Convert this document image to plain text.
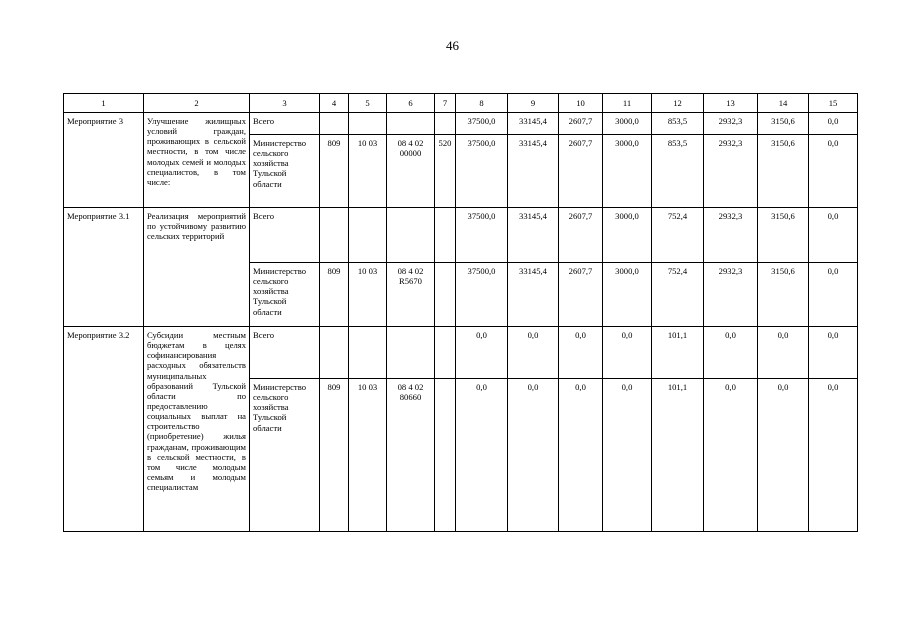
46
1	2	3	4	5	6	7	8	9	10	11	12	13	14	15
Мероприятие 3	Улучшение жилищных условий граждан, проживающих в сельской местности, в том числе молодых семей и молодых специалистов, в том числе:	Всего					37500,0	33145,4	2607,7	3000,0	853,5	2932,3	3150,6	0,0
		Министерство сельского хозяйства Тульской области	809	10 03	08 4 02 00000	520	37500,0	33145,4	2607,7	3000,0	853,5	2932,3	3150,6	0,0
Мероприятие 3.1	Реализация мероприятий по устойчивому развитию сельских территорий	Всего					37500,0	33145,4	2607,7	3000,0	752,4	2932,3	3150,6	0,0
		Министерство сельского хозяйства Тульской области	809	10 03	08 4 02 R5670		37500,0	33145,4	2607,7	3000,0	752,4	2932,3	3150,6	0,0
Мероприятие 3.2	Субсидии местным бюджетам в целях софинансирования расходных обязательств муниципальных образований Тульской области по предоставлению социальных выплат на строительство (приобретение) жилья гражданам, проживающим в сельской местности, в том числе молодым семьям и молодым специалистам	Всего					0,0	0,0	0,0	0,0	101,1	0,0	0,0	0,0
		Министерство сельского хозяйства Тульской области	809	10 03	08 4 02 80660		0,0	0,0	0,0	0,0	101,1	0,0	0,0	0,0
